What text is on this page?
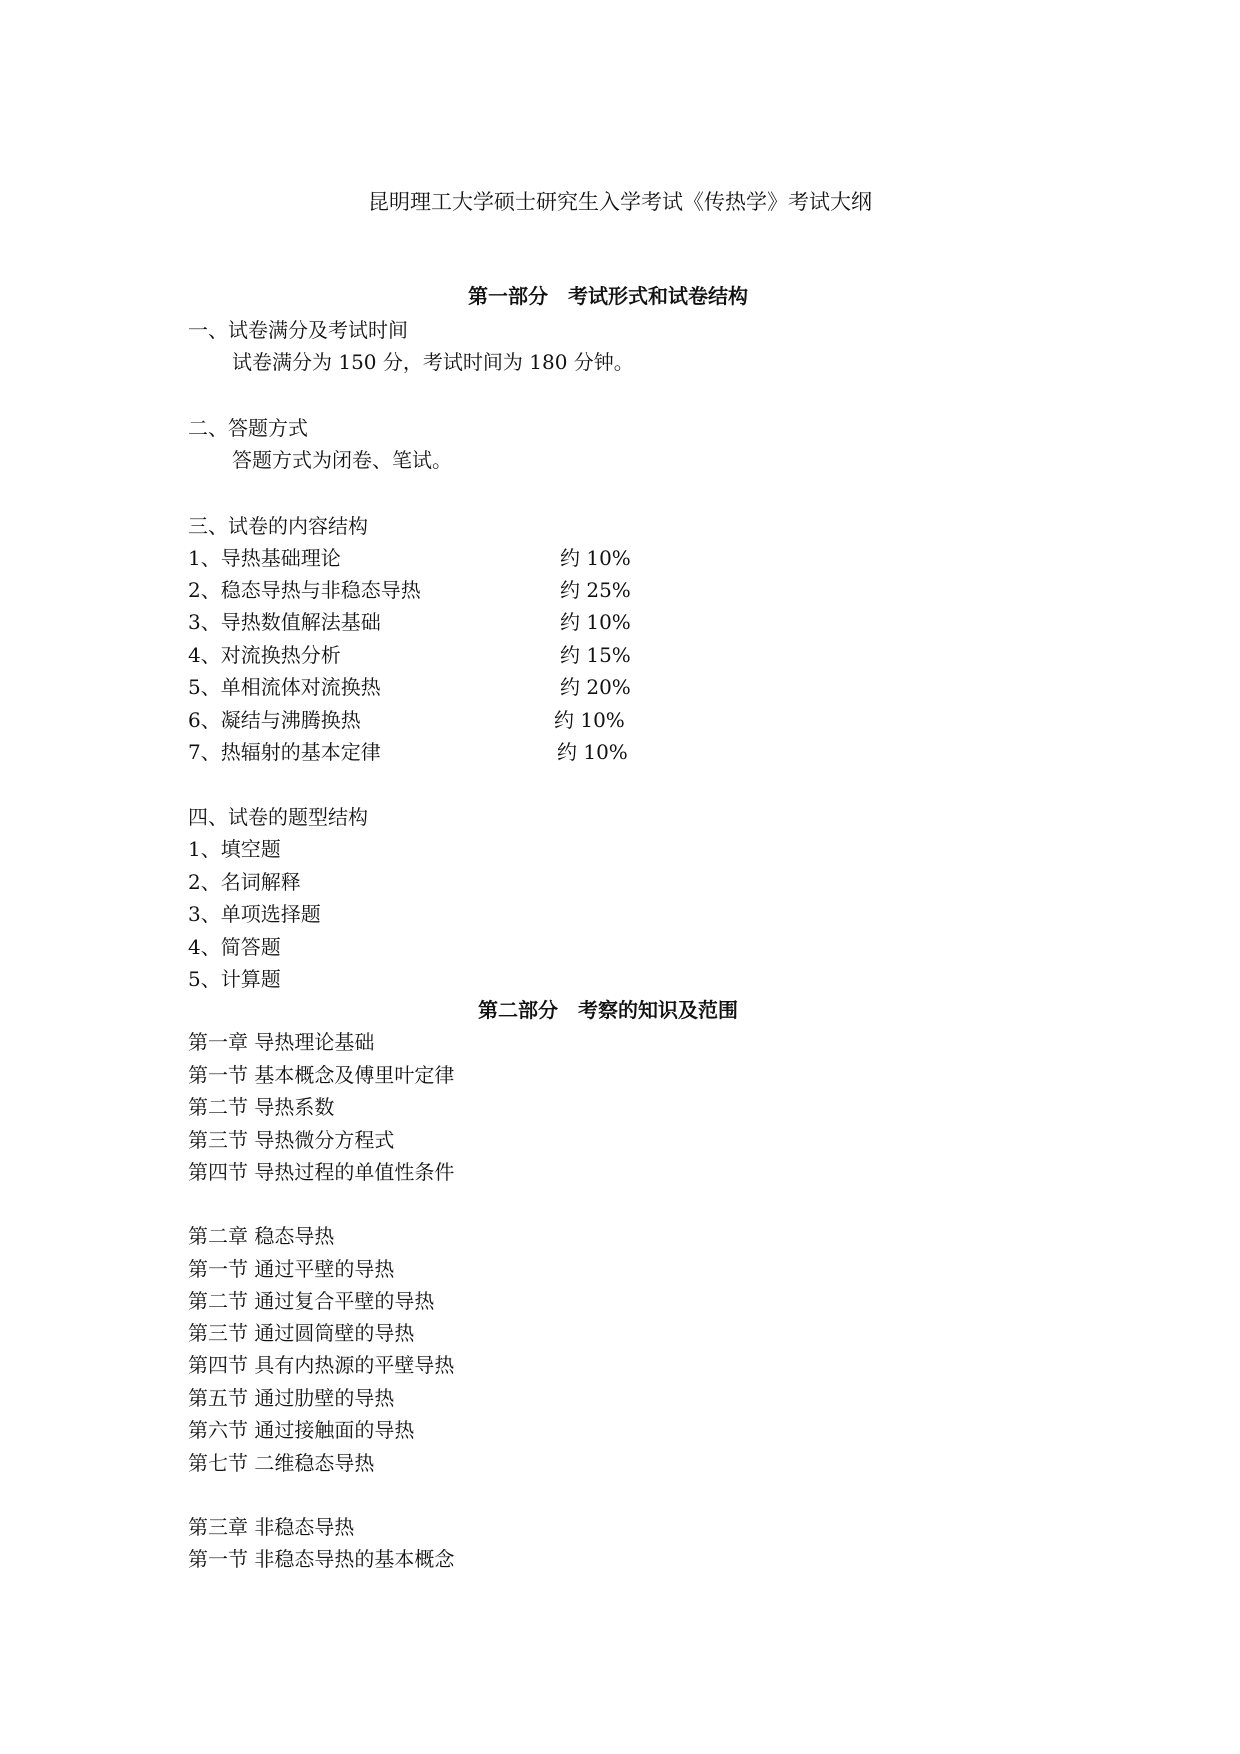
昆明理工大学硕士研究生入学考试《传热学》考试大纲
第一部分　考试形式和试卷结构
一、试卷满分及考试时间
试卷满分为 150 分，考试时间为 180 分钟。
二、答题方式
答题方式为闭卷、笔试。
三、试卷的内容结构
1、导热基础理论	约 10%
2、稳态导热与非稳态导热	约 25%
3、导热数值解法基础	约 10%
4、对流换热分析	约 15%
5、单相流体对流换热	约 20%
6、凝结与沸腾换热	约 10%
7、热辐射的基本定律	约 10%
四、试卷的题型结构
1、填空题
2、名词解释
3、单项选择题
4、简答题
5、计算题
第二部分　考察的知识及范围
第一章 导热理论基础
第一节 基本概念及傅里叶定律
第二节 导热系数
第三节 导热微分方程式
第四节 导热过程的单值性条件
第二章 稳态导热
第一节 通过平壁的导热
第二节 通过复合平壁的导热
第三节 通过圆筒壁的导热
第四节 具有内热源的平壁导热
第五节 通过肋壁的导热
第六节 通过接触面的导热
第七节 二维稳态导热
第三章 非稳态导热
第一节 非稳态导热的基本概念
